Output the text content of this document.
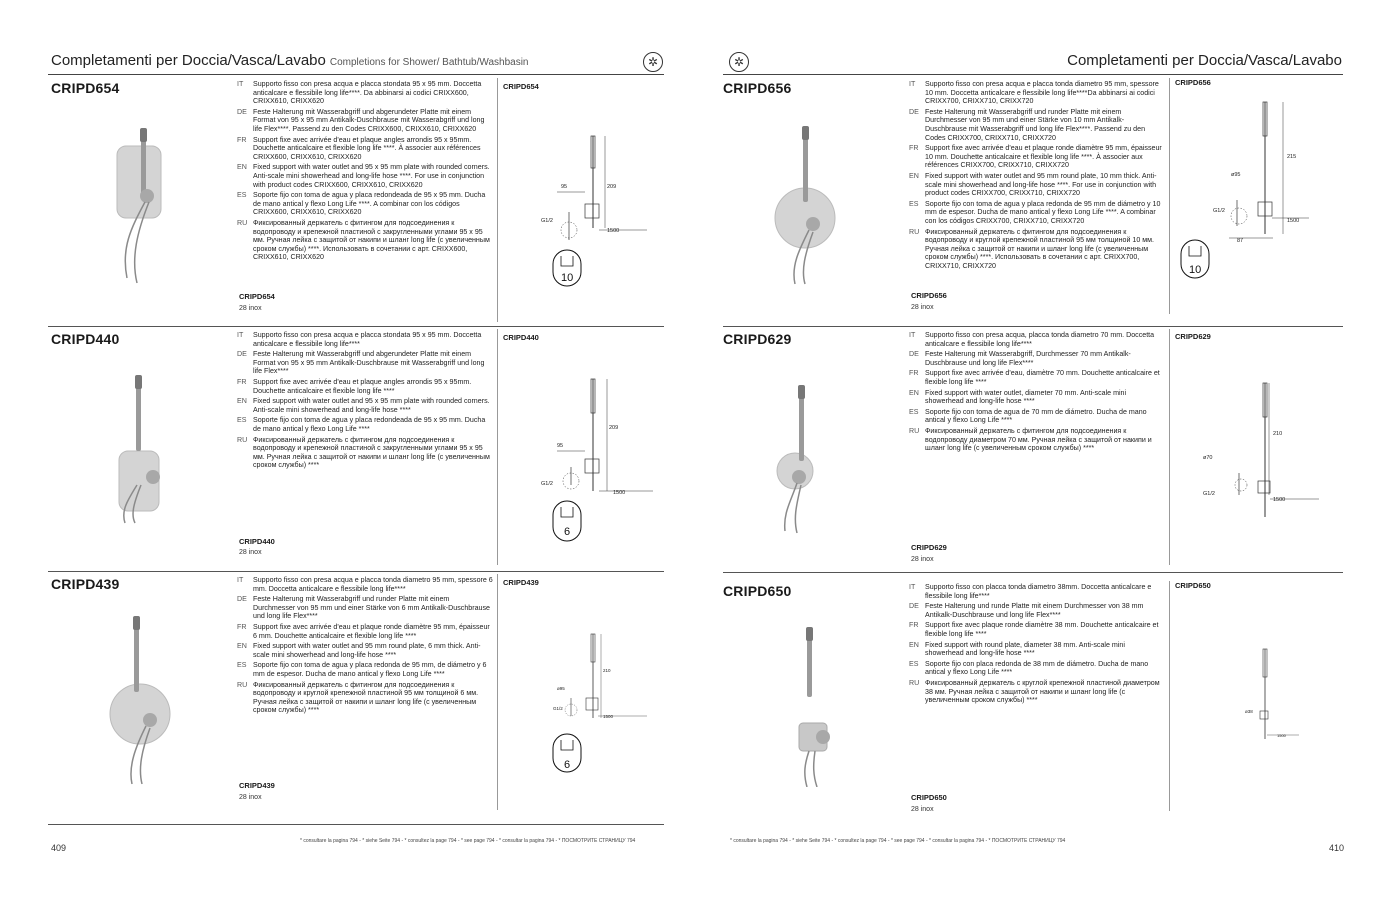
Completamenti per Doccia/Vasca/Lavabo Completions for Shower/ Bathtub/Washbasin	✲
CRIPD654	IT	Supporto fisso con presa acqua e placca stondata 95 x 95 mm. Doccetta anticalcare e flessibile long life****. Da abbinarsi ai codici CRIXX600, CRIXX610, CRIXX620
DE Feste Halterung mit Wasserabgriff und abgerundeter Platte mit einem Format von 95 x 95 mm Antikalk-Duschbrause mit Wasserabgriff und long life Flex****. Passend zu den Codes CRIXX600, CRIXX610, CRIXX620
FR Support fixe avec arrivée d'eau et plaque angles arrondis 95 x 95mm. Douchette anticalcaire et flexible long life ****. À associer aux références CRIXX600, CRIXX610, CRIXX620
EN Fixed support with water outlet and 95 x 95 mm plate with rounded corners. Anti-scale mini showerhead and long-life hose ****. For use in conjunction with product codes CRIXX600, CRIXX610, CRIXX620
ES Soporte fijo con toma de agua y placa redondeada de 95 x 95 mm. Ducha de mano antical y flexo Long Life ****. A combinar con los códigos CRIXX600, CRIXX610, CRIXX620
RU Фиксированный держатель с фитингом для подсоединения к водопроводу и крепежной пластиной с закругленными углами 95 x 95 мм. Ручная лейка с защитой от накипи и шланг long life (с увеличенным сроком службы) ****. Использовать в сочетании с арт. CRIXX600, CRIXX610, CRIXX620
CRIPD654
28 inox
CRIPD654
209
95
G1/2
1500
10
CRIPD440	IT	Supporto fisso con presa acqua e placca stondata 95 x 95 mm. Doccetta anticalcare e flessibile long life****
DE Feste Halterung mit Wasserabgriff und abgerundeter Platte mit einem Format von 95 x 95 mm Antikalk-Duschbrause mit Wasserabgriff und long life Flex****
FR Support fixe avec arrivée d'eau et plaque angles arrondis 95 x 95mm. Douchette anticalcaire et flexible long life ****
EN Fixed support with water outlet and 95 x 95 mm plate with rounded corners. Anti-scale mini showerhead and long-life hose ****
ES Soporte fijo con toma de agua y placa redondeada de 95 x 95 mm. Ducha de mano antical y flexo Long Life ****
RU Фиксированный держатель с фитингом для подсоединения к водопроводу и крепежной пластиной с закругленными углами 95 x 95 мм. Ручная лейка с защитой от накипи и шланг long life (с увеличенным сроком службы) ****
CRIPD440
28 inox
CRIPD440
209
95
G1/2
1500
6
CRIPD439	IT	Supporto fisso con presa acqua e placca tonda diametro 95 mm, spessore 6 mm. Doccetta anticalcare e flessibile long life****
DE Feste Halterung mit Wasserabgriff und runder Platte mit einem Durchmesser von 95 mm und einer Stärke von 6 mm Antikalk-Duschbrause und long life Flex****
FR Support fixe avec arrivée d'eau et plaque ronde diamètre 95 mm, épaisseur 6 mm. Douchette anticalcaire et flexible long life ****
EN Fixed support with water outlet and 95 mm round plate, 6 mm thick. Anti-scale mini showerhead and long-life hose ****
ES Soporte fijo con toma de agua y placa redonda de 95 mm, de diámetro y 6 mm de espesor. Ducha de mano antical y flexo Long Life ****
RU Фиксированный держатель с фитингом для подсоединения к водопроводу и круглой крепежной пластиной 95 мм толщиной 6 мм. Ручная лейка с защитой от накипи и шланг long life (с увеличенным сроком службы) ****
CRIPD439
28 inox
CRIPD439
210
ø95
G1/2
1500
6
* consultare la pagina 794 - * siehe Seite 794 - * consultez la page 794 - * see page 794 - * consultar la pagina 794 - * ПОСМОТРИТЕ СТРАНИЦУ 794
409
✲	Completamenti per Doccia/Vasca/Lavabo
CRIPD656	IT	Supporto fisso con presa acqua e placca tonda diametro 95 mm, spessore 10 mm. Doccetta anticalcare e flessibile long life****Da abbinarsi ai codici CRIXX700, CRIXX710, CRIXX720
DE Feste Halterung mit Wasserabgriff und runder Platte mit einem Durchmesser von 95 mm und einer Stärke von 10 mm Antikalk-Duschbrause mit Wasserabgriff und long life Flex****. Passend zu den Codes CRIXX700, CRIXX710, CRIXX720
FR Support fixe avec arrivée d'eau et plaque ronde diamètre 95 mm, épaisseur 10 mm. Douchette anticalcaire et flexible long life ****. À associer aux références CRIXX700, CRIXX710, CRIXX720
EN Fixed support with water outlet and 95 mm round plate, 10 mm thick. Anti-scale mini showerhead and long-life hose ****. For use in conjunction with product codes CRIXX700, CRIXX710, CRIXX720
ES Soporte fijo con toma de agua y placa redonda de 95 mm de diámetro y 10 mm de espesor. Ducha de mano antical y flexo Long Life ****. A combinar con los códigos CRIXX700, CRIXX710, CRIXX720
RU Фиксированный держатель с фитингом для подсоединения к водопроводу и круглой крепежной пластиной 95 мм толщиной 10 мм. Ручная лейка с защитой от накипи и шланг long life (с увеличенным сроком службы) ****. Использовать в сочетании с арт. CRIXX700, CRIXX710, CRIXX720
CRIPD656
28 inox
CRIPD656
215
ø95
G1/2
87
1500
10
CRIPD629	IT	Supporto fisso con presa acqua, placca tonda diametro 70 mm. Doccetta anticalcare e flessibile long life****
DE Feste Halterung mit Wasserabgriff, Durchmesser 70 mm Antikalk-Duschbrause und long life Flex****
FR Support fixe avec arrivée d'eau, diamètre 70 mm. Douchette anticalcaire et flexible long life ****
EN Fixed support with water outlet, diameter 70 mm. Anti-scale mini showerhead and long-life hose ****
ES Soporte fijo con toma de agua de 70 mm de diámetro. Ducha de mano antical y flexo Long Life ****
RU Фиксированный держатель с фитингом для подсоединения к водопроводу диаметром 70 мм. Ручная лейка с защитой от накипи и шланг long life (с увеличенным сроком службы) ****
CRIPD629
28 inox
CRIPD629
210
ø70
G1/2
1500
CRIPD650	IT	Supporto fisso con placca tonda diametro 38mm. Doccetta anticalcare e flessibile long life****
DE Feste Halterung und runde Platte mit einem Durchmesser von 38 mm Antikalk-Duschbrause und long life Flex****
FR Support fixe avec plaque ronde diamètre 38 mm. Douchette anticalcaire et flexible long life ****
EN Fixed support with round plate, diameter 38 mm. Anti-scale mini showerhead and long-life hose ****
ES Soporte fijo con placa redonda de 38 mm de diámetro. Ducha de mano antical y flexo Long Life ****
RU Фиксированный держатель с круглой крепежной пластиной диаметром 38 мм. Ручная лейка с защитой от накипи и шланг long life (с увеличенным сроком службы) ****
CRIPD650
28 inox
CRIPD650
ø38
1500
* consultare la pagina 794 - * siehe Seite 794 - * consultez la page 794 - * see page 794 - * consultar la pagina 794 - * ПОСМОТРИТЕ СТРАНИЦУ 794
410
